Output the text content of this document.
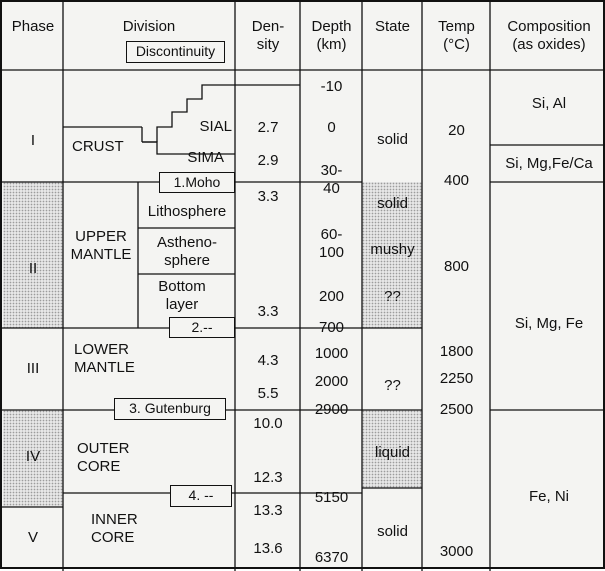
Phase	Division
Discontinuity
Den-
sity
Depth
(km)
State	Temp
(°C)
Composition
(as oxides)
I
II
III
IV
V
CRUST
SIAL
SIMA
UPPER
MANTLE
Lithosphere
Astheno-
sphere
Bottom
layer
LOWER
MANTLE
OUTER
CORE
INNER
CORE
1.Moho
2.--
3. Gutenburg
4. --
2.7
2.9
3.3
3.3
4.3
5.5
10.0
12.3
13.3
13.6
-10
0
30-
40
60-
100
200
700
1000
2000
2900
5150
6370
solid
solid
mushy
??
??
liquid
solid
20
400
800
1800
2250
2500
3000
Si, Al
Si, Mg,Fe/Ca
Si, Mg, Fe
Fe, Ni
